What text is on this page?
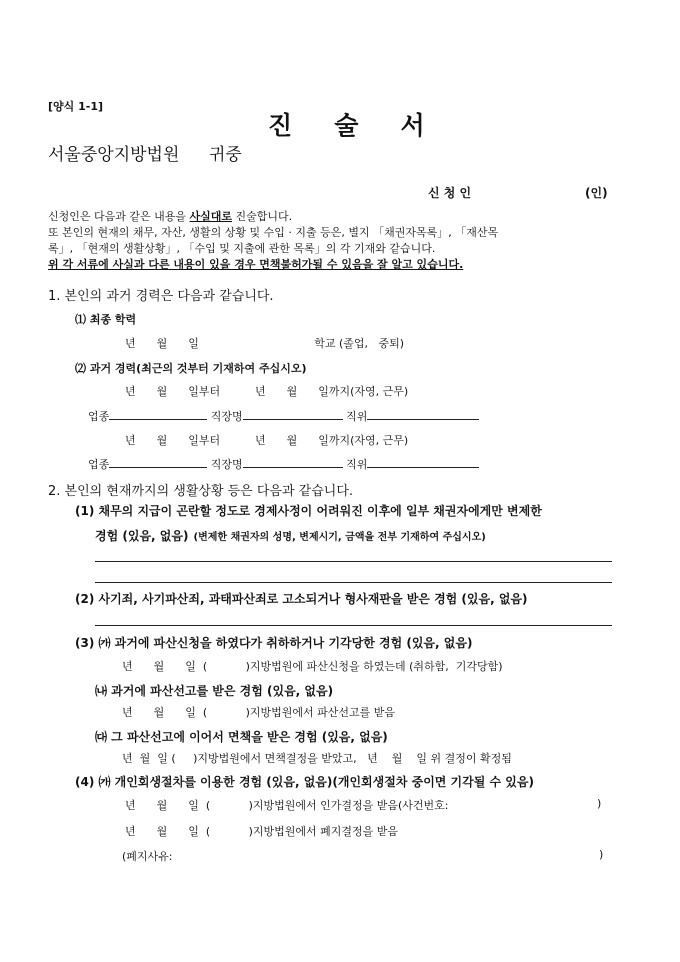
[양식 1-1]
진   술   서
서울중앙지방법원 귀중
신 청 인	(인)
신청인은 다음과 같은 내용을 사실대로 진술합니다.
또 본인의 현재의 채무, 자산, 생활의 상황 및 수입 · 지출 등은, 별지 「채권자목록」, 「재산목
록」, 「현재의 생활상황」, 「수입 및 지출에 관한 목록」의 각 기재와 같습니다.
위 각 서류에 사실과 다른 내용이 있을 경우 면책불허가될 수 있음을 잘 알고 있습니다.
1. 본인의 과거 경력은 다음과 같습니다.
⑴ 최종 학력
년      월      일                                 학교 (졸업,   중퇴)
⑵ 과거 경력(최근의 것부터 기재하여 주십시오)
년      월      일부터          년      월      일까지(자영, 근무)
업종	직장명	직위
년      월      일부터          년      월      일까지(자영, 근무)
업종	직장명	직위
2. 본인의 현재까지의 생활상황 등은 다음과 같습니다.
(1) 채무의 지급이 곤란할 정도로 경제사정이 어려워진 이후에 일부 채권자에게만 변제한
경험 (있음, 없음) (변제한 채권자의 성명, 변제시기, 금액을 전부 기재하여 주십시오)
(2) 사기죄, 사기파산죄, 과태파산죄로 고소되거나 형사재판을 받은 경험 (있음, 없음)
(3) ㈎ 과거에 파산신청을 하였다가 취하하거나 기각당한 경험 (있음, 없음)
년      월      일  (           )지방법원에 파산신청을 하였는데 (취하함,  기각당함)
㈏ 과거에 파산선고를 받은 경험 (있음, 없음)
년      월      일  (           )지방법원에서 파산선고를 받음
㈐ 그 파산선고에 이어서 면책을 받은 경험 (있음, 없음)
년  월  일 (     )지방법원에서 면책결정을 받았고,   년    월    일 위 결정이 확정됨
(4) ㈎ 개인회생절차를 이용한 경험 (있음, 없음)(개인회생절차 중이면 기각될 수 있음)
년      월      일  (           )지방법원에서 인가결정을 받음(사건번호:	)
년      월      일  (           )지방법원에서 폐지결정을 받음
(폐지사유:	)
